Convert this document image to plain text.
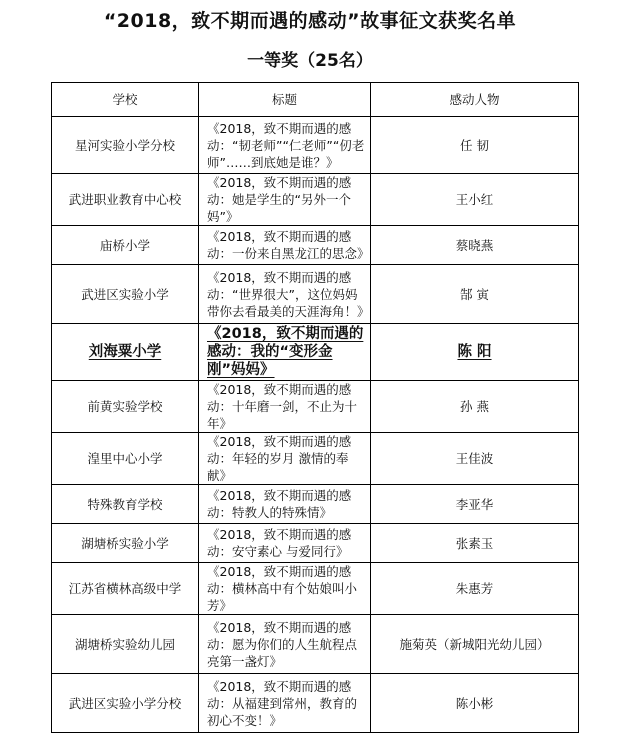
“2018，致不期而遇的感动”故事征文获奖名单
一等奖（25名）
学校	标题	感动人物
星河实验小学分校	《2018，致不期而遇的感动：“韧老师”“仁老师”“仞老师”……到底她是谁？》	任 韧
武进职业教育中心校	《2018，致不期而遇的感动：她是学生的“另外一个妈”》	王小红
庙桥小学	《2018，致不期而遇的感动：一份来自黑龙江的思念》	蔡晓燕
武进区实验小学	《2018，致不期而遇的感动：“世界很大”，这位妈妈带你去看最美的天涯海角！》	郜 寅
刘海粟小学	《2018，致不期而遇的感动：我的“变形金刚”妈妈》	陈 阳
前黄实验学校	《2018，致不期而遇的感动：十年磨一剑，不止为十年》	孙 燕
湟里中心小学	《2018，致不期而遇的感动：年轻的岁月 激情的奉献》	王佳波
特殊教育学校	《2018，致不期而遇的感动：特教人的特殊情》	李亚华
湖塘桥实验小学	《2018，致不期而遇的感动：安守素心 与爱同行》	张素玉
江苏省横林高级中学	《2018，致不期而遇的感动：横林高中有个姑娘叫小芳》	朱惠芳
湖塘桥实验幼儿园	《2018，致不期而遇的感动：愿为你们的人生航程点亮第一盏灯》	施菊英（新城阳光幼儿园）
武进区实验小学分校	《2018，致不期而遇的感动：从福建到常州，教育的初心不变！》	陈小彬
